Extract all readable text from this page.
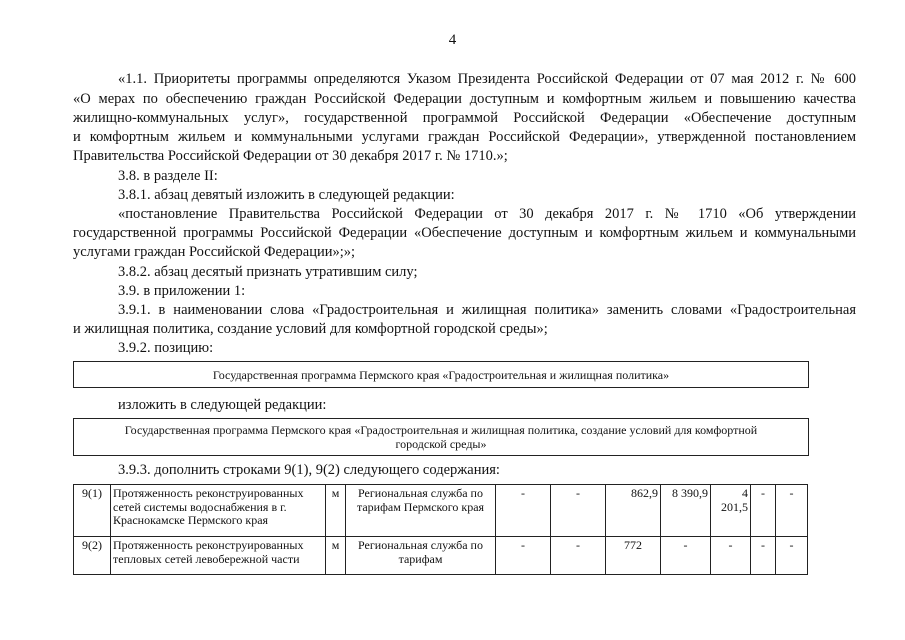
4
«1.1. Приоритеты программы определяются Указом Президента Российской Федерации от 07 мая 2012 г. № 600
«О мерах по обеспечению граждан Российской Федерации доступным и комфортным жильем и повышению качества
жилищно-коммунальных услуг», государственной программой Российской Федерации «Обеспечение доступным
и комфортным жильем и коммунальными услугами граждан Российской Федерации», утвержденной постановлением
Правительства Российской Федерации от 30 декабря 2017 г. № 1710.»;
3.8. в разделе II:
3.8.1. абзац девятый изложить в следующей редакции:
«постановление Правительства Российской Федерации от 30 декабря 2017 г. № 1710 «Об утверждении
государственной программы Российской Федерации «Обеспечение доступным и комфортным жильем и коммунальными
услугами граждан Российской Федерации»;»;
3.8.2. абзац десятый признать утратившим силу;
3.9. в приложении 1:
3.9.1. в наименовании слова «Градостроительная и жилищная политика» заменить словами «Градостроительная
и жилищная политика, создание условий для комфортной городской среды»;
3.9.2. позицию:
Государственная программа Пермского края «Градостроительная и жилищная политика»
изложить в следующей редакции:
Государственная программа Пермского края «Градостроительная и жилищная политика, создание условий для комфортной
городской среды»
3.9.3. дополнить строками 9(1), 9(2) следующего содержания:
9(1)	Протяженность реконструированных сетей системы водоснабжения в г. Краснокамске Пермского края	м	Региональная служба по тарифам Пермского края	-	-	862,9	8 390,9	4 201,5	-	-
9(2)	Протяженность реконструированных тепловых сетей левобережной части	м	Региональная служба по тарифам	-	-	772	-	-	-	-
